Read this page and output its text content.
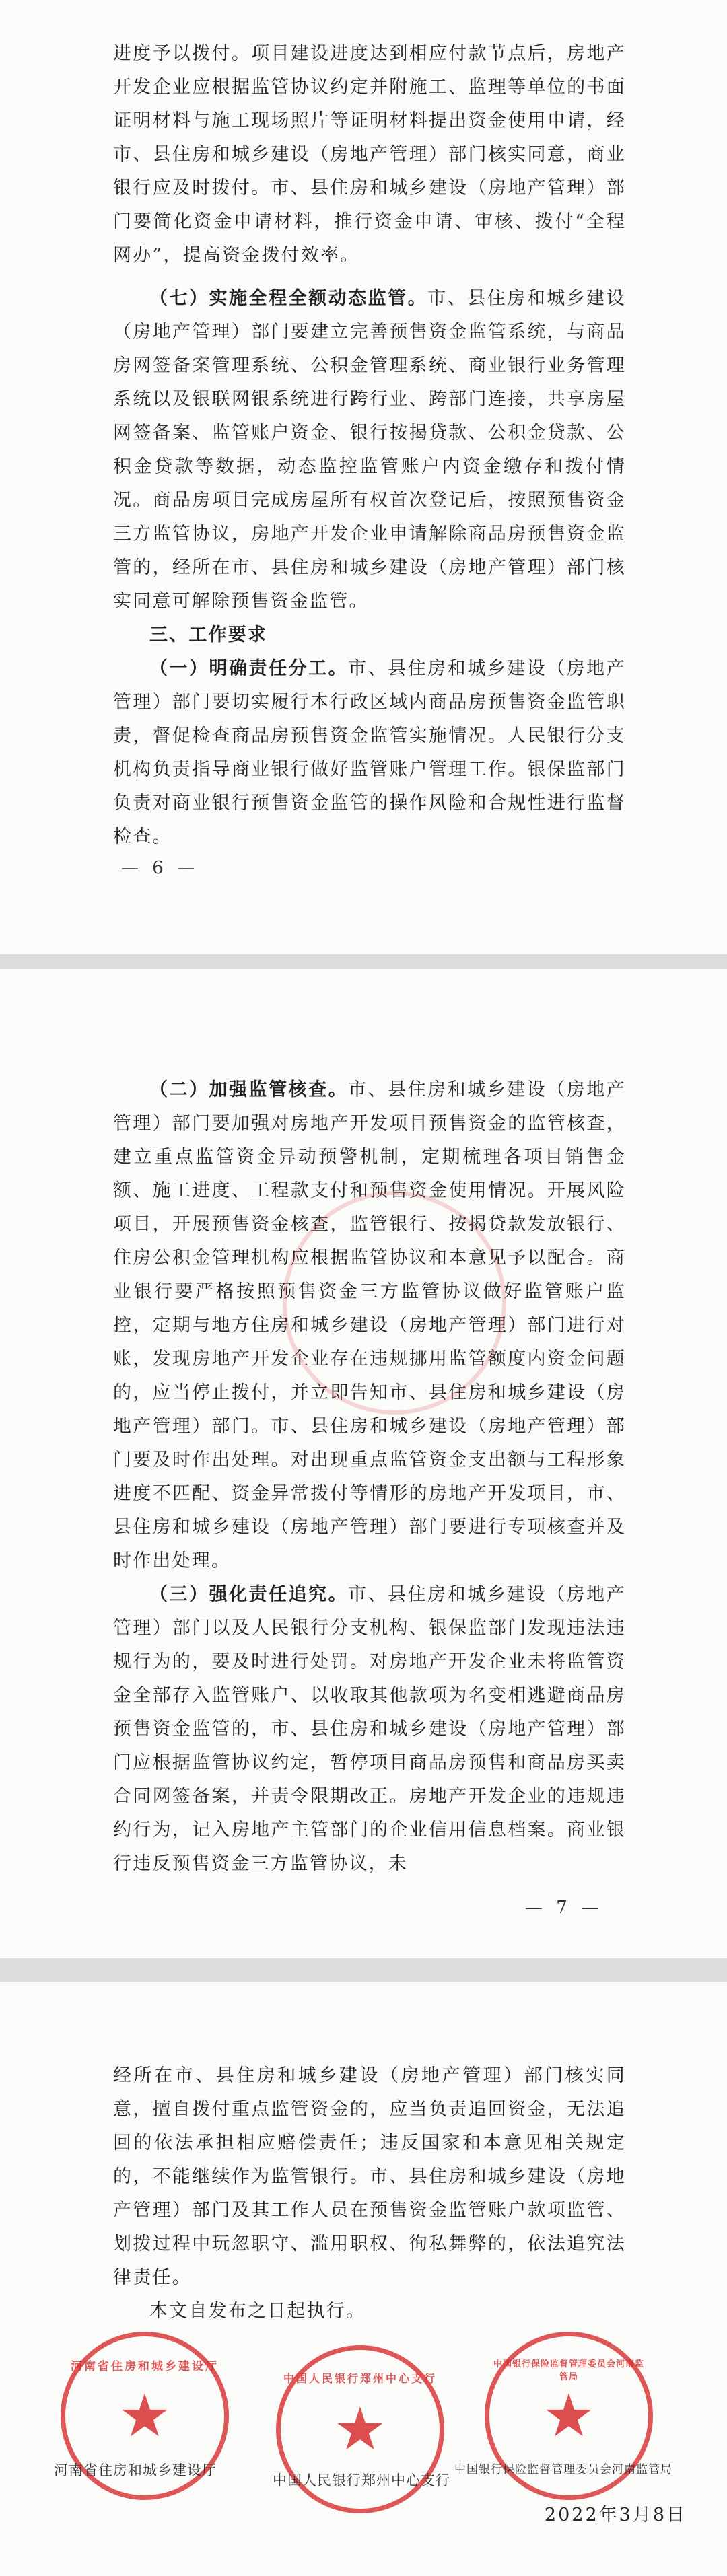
进度予以拨付。项目建设进度达到相应付款节点后，房地产开发企业应根据监管协议约定并附施工、监理等单位的书面证明材料与施工现场照片等证明材料提出资金使用申请，经市、县住房和城乡建设（房地产管理）部门核实同意，商业银行应及时拨付。市、县住房和城乡建设（房地产管理）部门要简化资金申请材料，推行资金申请、审核、拨付“全程网办”，提高资金拨付效率。

（七）实施全程全额动态监管。市、县住房和城乡建设（房地产管理）部门要建立完善预售资金监管系统，与商品房网签备案管理系统、公积金管理系统、商业银行业务管理系统以及银联网银系统进行跨行业、跨部门连接，共享房屋网签备案、监管账户资金、银行按揭贷款、公积金贷款、公积金贷款等数据，动态监控监管账户内资金缴存和拨付情况。商品房项目完成房屋所有权首次登记后，按照预售资金三方监管协议，房地产开发企业申请解除商品房预售资金监管的，经所在市、县住房和城乡建设（房地产管理）部门核实同意可解除预售资金监管。

三、工作要求

（一）明确责任分工。市、县住房和城乡建设（房地产管理）部门要切实履行本行政区域内商品房预售资金监管职责，督促检查商品房预售资金监管实施情况。人民银行分支机构负责指导商业银行做好监管账户管理工作。银保监部门负责对商业银行预售资金监管的操作风险和合规性进行监督检查。

— 6 —

（二）加强监管核查。市、县住房和城乡建设（房地产管理）部门要加强对房地产开发项目预售资金的监管核查，建立重点监管资金异动预警机制，定期梳理各项目销售金额、施工进度、工程款支付和预售资金使用情况。开展风险项目，开展预售资金核查，监管银行、按揭贷款发放银行、住房公积金管理机构应根据监管协议和本意见予以配合。商业银行要严格按照预售资金三方监管协议做好监管账户监控，定期与地方住房和城乡建设（房地产管理）部门进行对账，发现房地产开发企业存在违规挪用监管额度内资金问题的，应当停止拨付，并立即告知市、县住房和城乡建设（房地产管理）部门。市、县住房和城乡建设（房地产管理）部门要及时作出处理。对出现重点监管资金支出额与工程形象进度不匹配、资金异常拨付等情形的房地产开发项目，市、县住房和城乡建设（房地产管理）部门要进行专项核查并及时作出处理。

（三）强化责任追究。市、县住房和城乡建设（房地产管理）部门以及人民银行分支机构、银保监部门发现违法违规行为的，要及时进行处罚。对房地产开发企业未将监管资金全部存入监管账户、以收取其他款项为名变相逃避商品房预售资金监管的，市、县住房和城乡建设（房地产管理）部门应根据监管协议约定，暂停项目商品房预售和商品房买卖合同网签备案，并责令限期改正。房地产开发企业的违规违约行为，记入房地产主管部门的企业信用信息档案。商业银行违反预售资金三方监管协议，未

— 7 —

经所在市、县住房和城乡建设（房地产管理）部门核实同意，擅自拨付重点监管资金的，应当负责追回资金，无法追回的依法承担相应赔偿责任；违反国家和本意见相关规定的，不能继续作为监管银行。市、县住房和城乡建设（房地产管理）部门及其工作人员在预售资金监管账户款项监管、划拨过程中玩忽职守、滥用职权、徇私舞弊的，依法追究法律责任。

本文自发布之日起执行。

河南省住房和城乡建设厅
★
河南省住房和城乡建设厅
中国人民银行郑州中心支行
★
中国人民银行郑州中心支行
中国银行保险监督管理委员会河南监管局
★
中国银行保险监督管理委员会河南监管局
2022年3月8日
